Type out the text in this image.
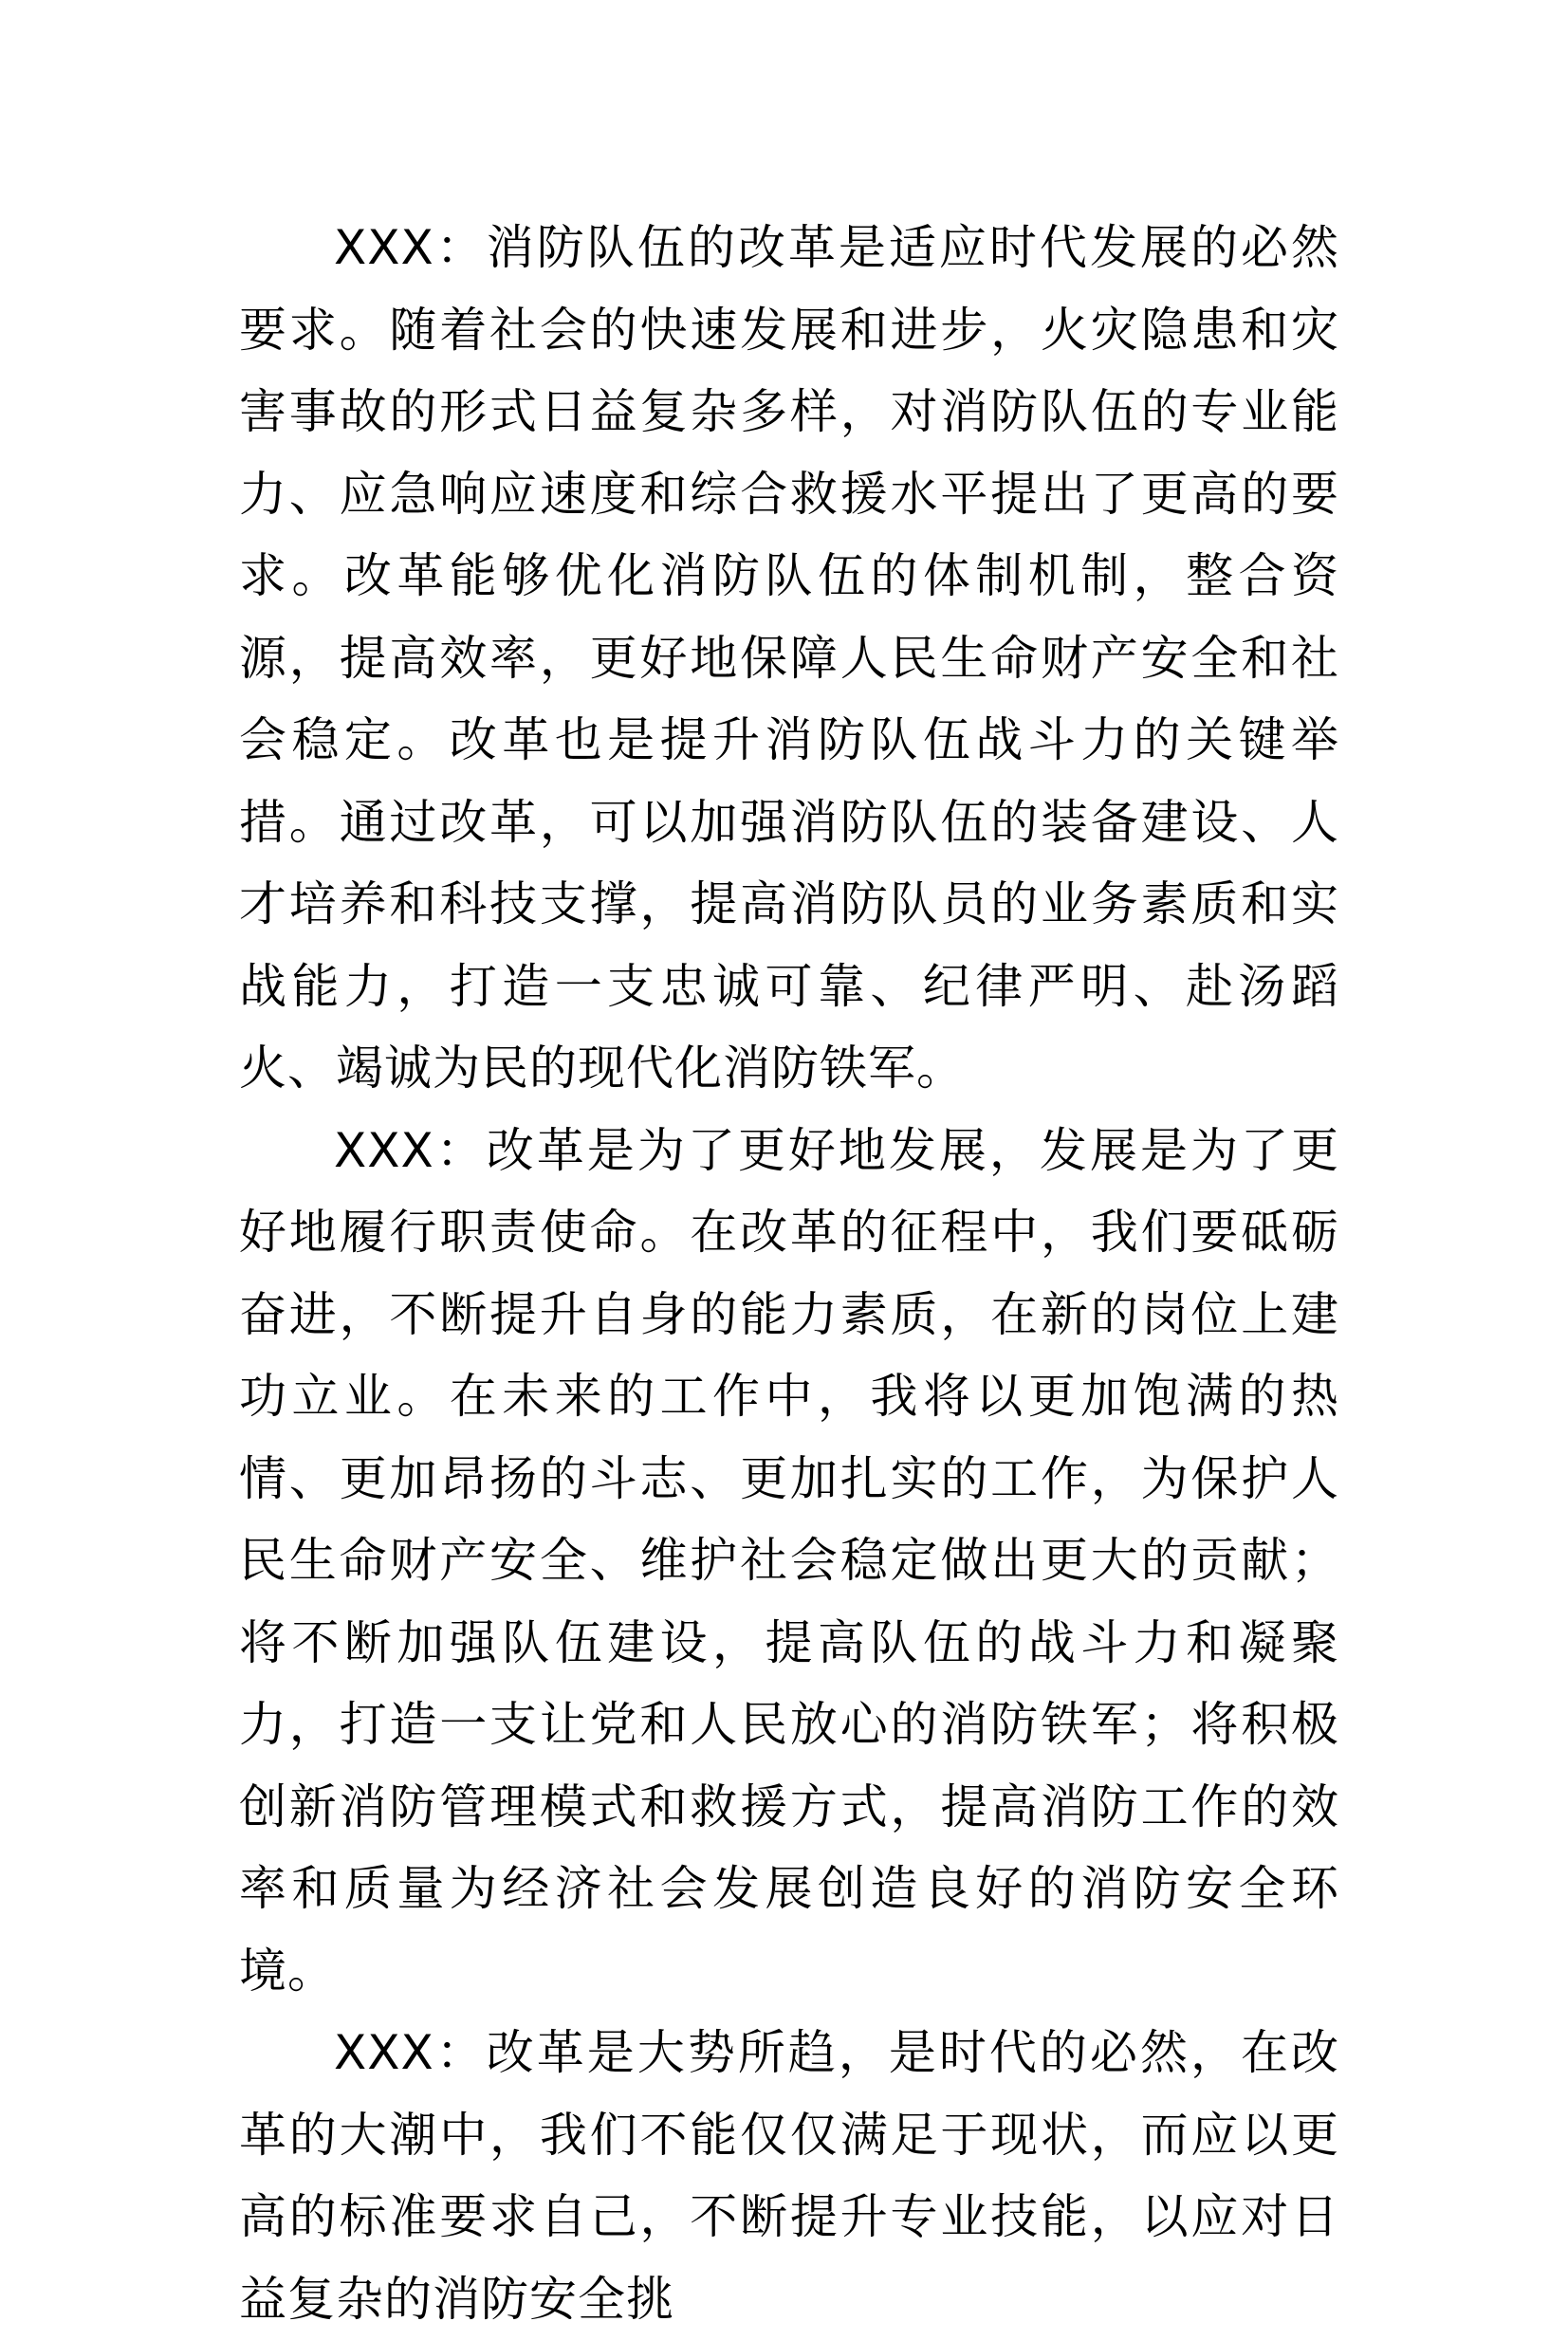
XXX：消防队伍的改革是适应时代发展的必然要求。随着社会的快速发展和进步，火灾隐患和灾害事故的形式日益复杂多样，对消防队伍的专业能力、应急响应速度和综合救援水平提出了更高的要求。改革能够优化消防队伍的体制机制，整合资源，提高效率，更好地保障人民生命财产安全和社会稳定。改革也是提升消防队伍战斗力的关键举措。通过改革，可以加强消防队伍的装备建设、人才培养和科技支撑，提高消防队员的业务素质和实战能力，打造一支忠诚可靠、纪律严明、赴汤蹈火、竭诚为民的现代化消防铁军。

XXX：改革是为了更好地发展，发展是为了更好地履行职责使命。在改革的征程中，我们要砥砺奋进，不断提升自身的能力素质，在新的岗位上建功立业。在未来的工作中，我将以更加饱满的热情、更加昂扬的斗志、更加扎实的工作，为保护人民生命财产安全、维护社会稳定做出更大的贡献；将不断加强队伍建设，提高队伍的战斗力和凝聚力，打造一支让党和人民放心的消防铁军；将积极创新消防管理模式和救援方式，提高消防工作的效率和质量为经济社会发展创造良好的消防安全环境。

XXX：改革是大势所趋，是时代的必然，在改革的大潮中，我们不能仅仅满足于现状，而应以更高的标准要求自己，不断提升专业技能，以应对日益复杂的消防安全挑
